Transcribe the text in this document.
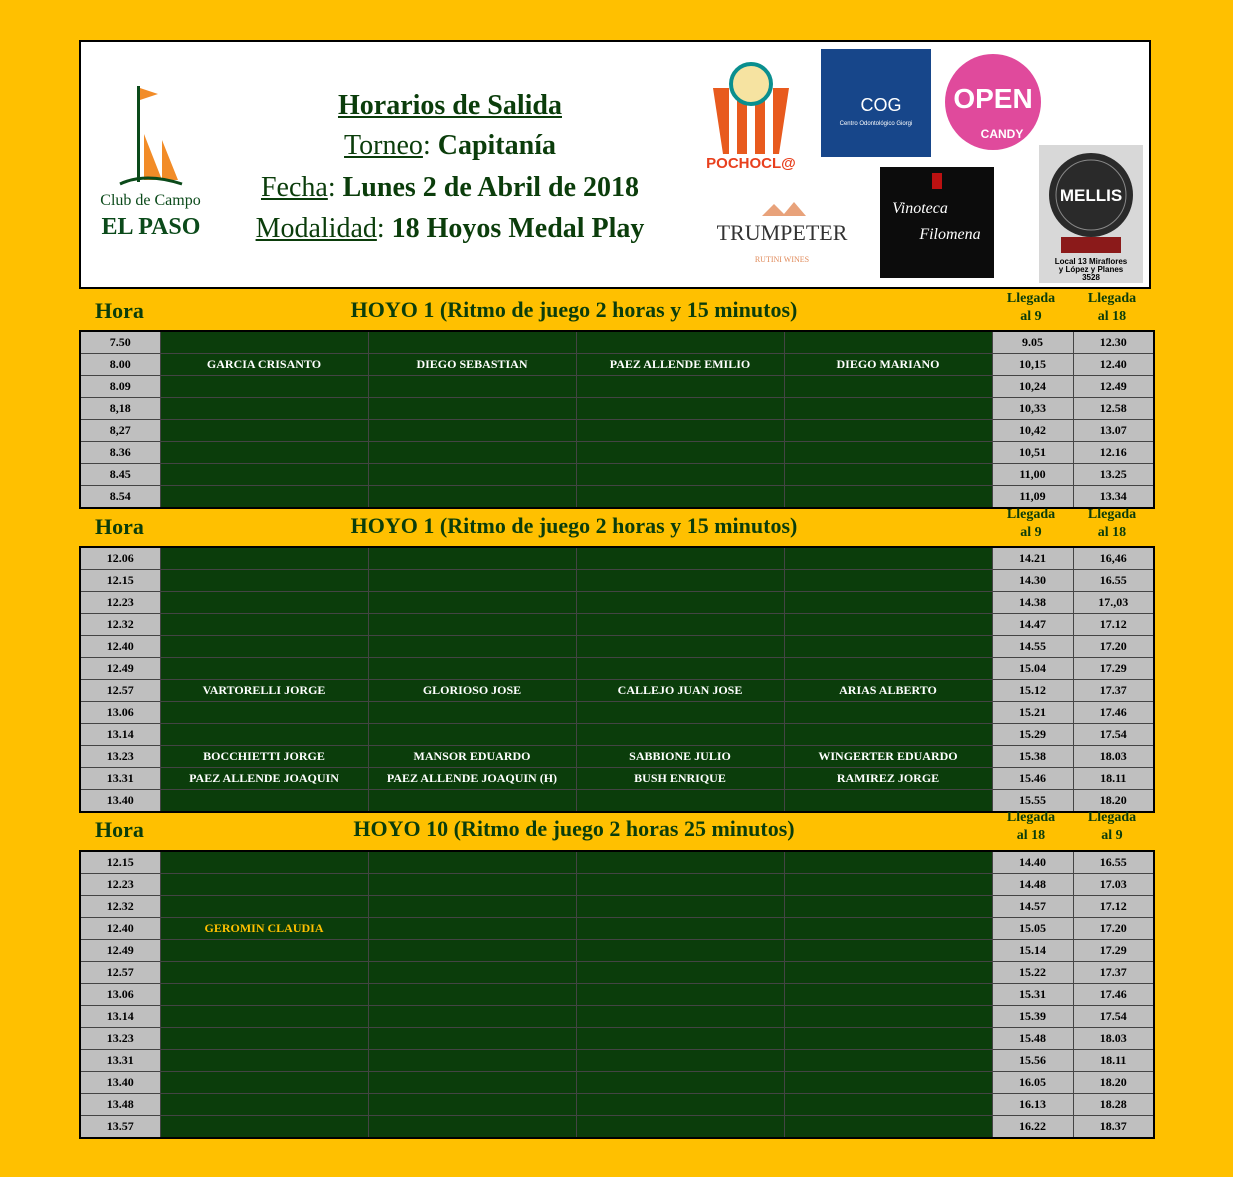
Club de Campo
EL PASO
Horarios de Salida
Torneo: Capitanía
Fecha: Lunes 2 de Abril de 2018
Modalidad: 18 Hoyos Medal Play
POCHOCL@
COG
Centro Odontológico Giorgi
OPEN
CANDY
TRUMPETER
RUTINI WINES
Vinoteca
Filomena
MELLIS
Local 13 Miraflores
y López y Planes
3528
Hora	HOYO 1 (Ritmo de juego 2 horas y 15 minutos)	Llegada
al 9
Llegada
al 18
7.50					9.05	12.30
8.00	GARCIA CRISANTO	DIEGO SEBASTIAN	PAEZ ALLENDE EMILIO	DIEGO MARIANO	10,15	12.40
8.09					10,24	12.49
8,18					10,33	12.58
8,27					10,42	13.07
8.36					10,51	12.16
8.45					11,00	13.25
8.54					11,09	13.34
Hora	HOYO 1 (Ritmo de juego 2 horas y 15 minutos)	Llegada
al 9
Llegada
al 18
12.06					14.21	16,46
12.15					14.30	16.55
12.23					14.38	17.,03
12.32					14.47	17.12
12.40					14.55	17.20
12.49					15.04	17.29
12.57	VARTORELLI JORGE	GLORIOSO JOSE	CALLEJO JUAN JOSE	ARIAS ALBERTO	15.12	17.37
13.06					15.21	17.46
13.14					15.29	17.54
13.23	BOCCHIETTI JORGE	MANSOR EDUARDO	SABBIONE JULIO	WINGERTER EDUARDO	15.38	18.03
13.31	PAEZ ALLENDE JOAQUIN	PAEZ ALLENDE JOAQUIN (H)	BUSH ENRIQUE	RAMIREZ JORGE	15.46	18.11
13.40					15.55	18.20
Hora	HOYO 10 (Ritmo de juego 2 horas 25 minutos)	Llegada
al 18
Llegada
al 9
12.15					14.40	16.55
12.23					14.48	17.03
12.32					14.57	17.12
12.40	GEROMIN CLAUDIA				15.05	17.20
12.49					15.14	17.29
12.57					15.22	17.37
13.06					15.31	17.46
13.14					15.39	17.54
13.23					15.48	18.03
13.31					15.56	18.11
13.40					16.05	18.20
13.48					16.13	18.28
13.57					16.22	18.37
